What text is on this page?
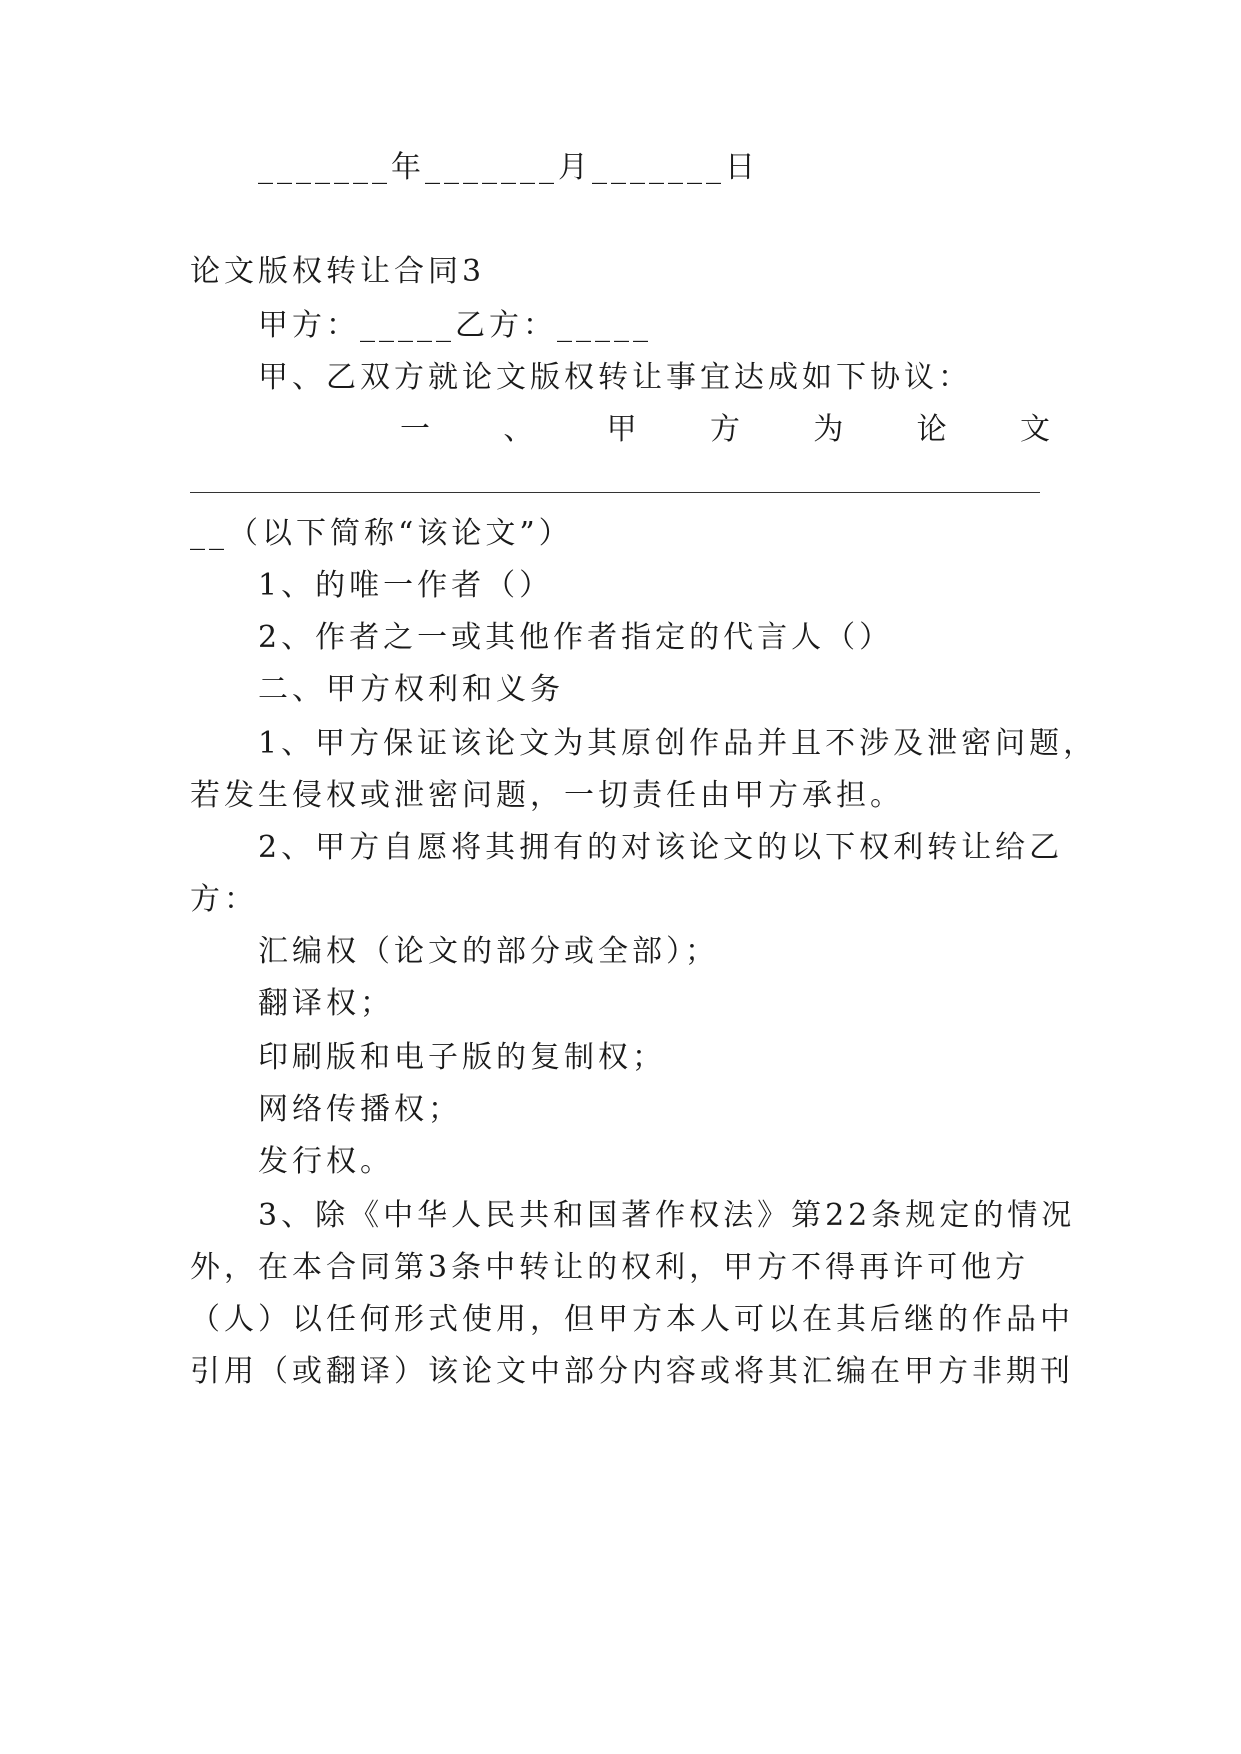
_______年_______月_______日
论文版权转让合同3
甲方：_____乙方：_____
甲、乙双方就论文版权转让事宜达成如下协议：
一 、 甲 方 为 论 文
__（以下简称“该论文”）
1、的唯一作者（）
2、作者之一或其他作者指定的代言人（）
二、甲方权利和义务
1、甲方保证该论文为其原创作品并且不涉及泄密问题，
若发生侵权或泄密问题，一切责任由甲方承担。
2、甲方自愿将其拥有的对该论文的以下权利转让给乙
方：
汇编权（论文的部分或全部）；
翻译权；
印刷版和电子版的复制权；
网络传播权；
发行权。
3、除《中华人民共和国著作权法》第22条规定的情况
外，在本合同第3条中转让的权利，甲方不得再许可他方
（人）以任何形式使用，但甲方本人可以在其后继的作品中
引用（或翻译）该论文中部分内容或将其汇编在甲方非期刊
